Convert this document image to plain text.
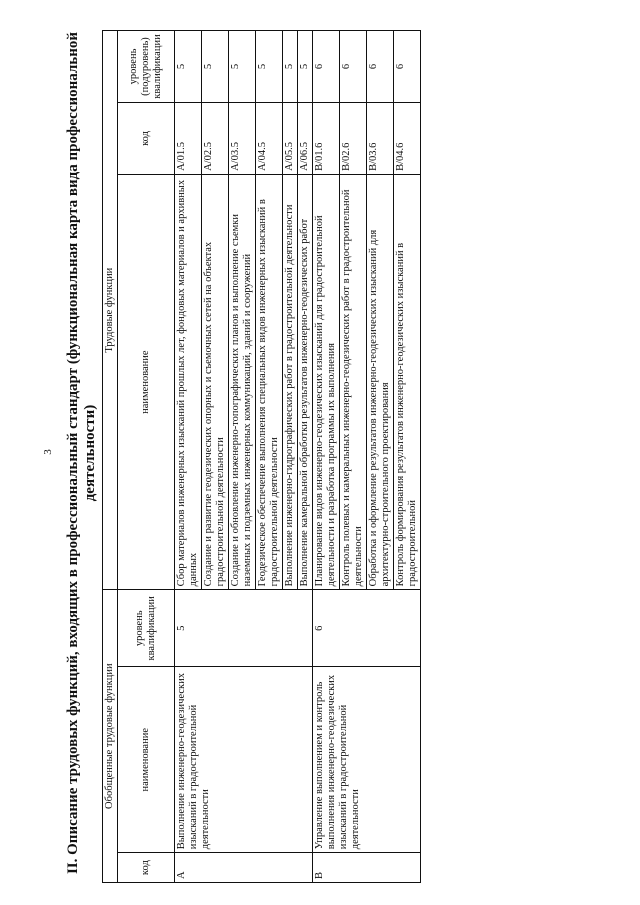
3 II. Описание трудовых функций, входящих в профессиональный стандарт (функциональная карта вида профессиональной деятельности)
Обобщенные трудовые функции			Трудовые функции		
код	наименование	уровень квалификации	наименование	код	уровень (подуровень) квалификации
A	Выполнение инженерно-геодезических изысканий в градостроительной деятельности	5	Сбор материалов инженерных изысканий прошлых лет, фондовых материалов и архивных данных	A/01.5	5
			Создание и развитие геодезических опорных и съемочных сетей на объектах градостроительной деятельности	A/02.5	5
			Создание и обновление инженерно-топографических планов и выполнение съемки наземных и подземных инженерных коммуникаций, зданий и сооружений	A/03.5	5
			Геодезическое обеспечение выполнения специальных видов инженерных изысканий в градостроительной деятельности	A/04.5	5
			Выполнение инженерно-гидрографических работ в градостроительной деятельности	A/05.5	5
			Выполнение камеральной обработки результатов инженерно-геодезических работ	A/06.5	5
B	Управление выполнением и контроль выполнения инженерно-геодезических изысканий в градостроительной деятельности	6	Планирование видов инженерно-геодезических изысканий для градостроительной деятельности и разработка программы их выполнения	B/01.6	6
			Контроль полевых и камеральных инженерно-геодезических работ в градостроительной деятельности	B/02.6	6
			Обработка и оформление результатов инженерно-геодезических изысканий для архитектурно-строительного проектирования	B/03.6	6
			Контроль формирования результатов инженерно-геодезических изысканий в градостроительной	B/04.6	6
